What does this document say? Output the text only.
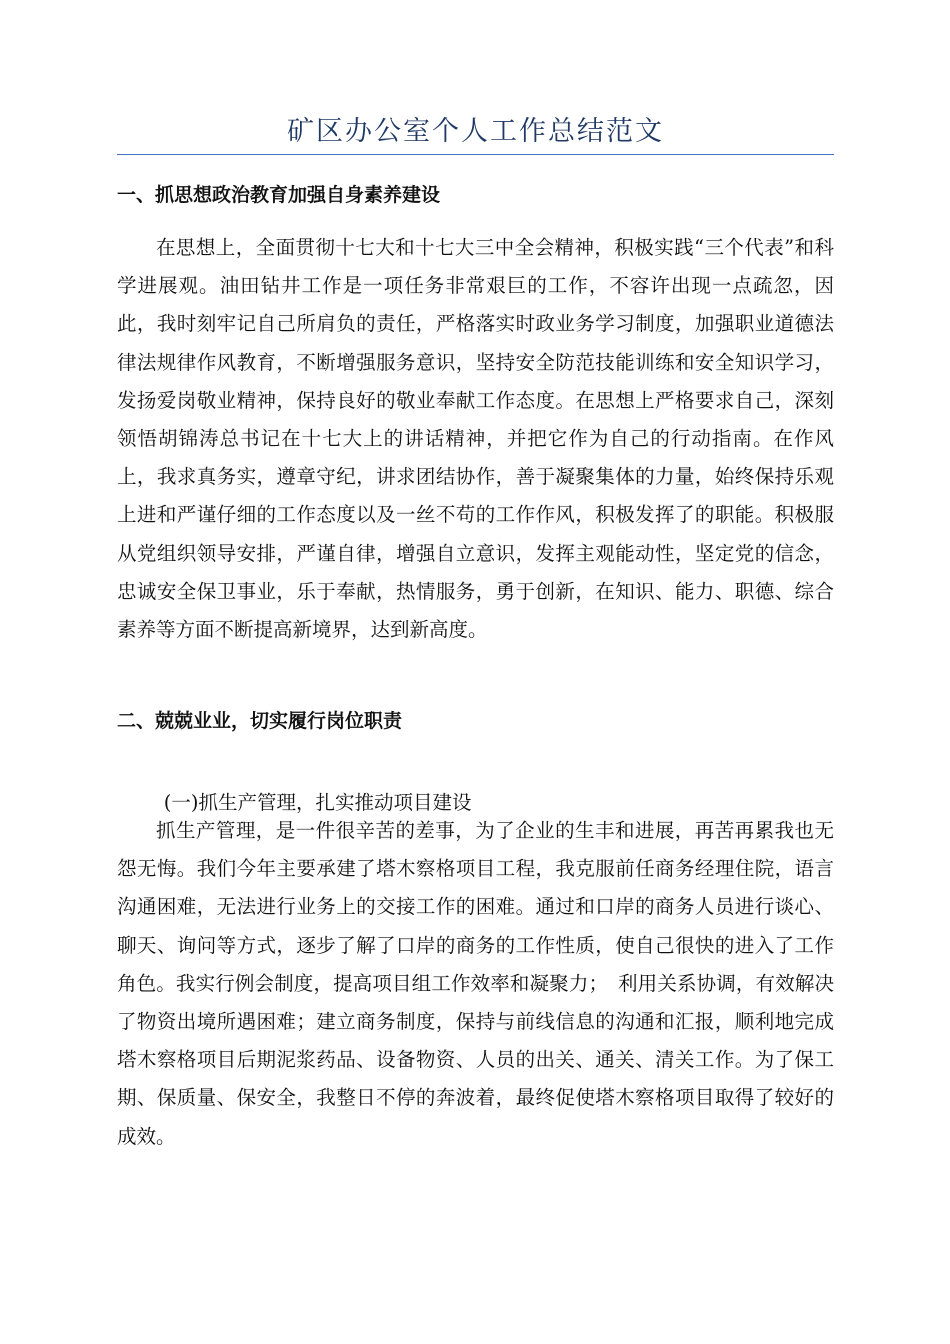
矿区办公室个人工作总结范文
一、抓思想政治教育加强自身素养建设
在思想上，全面贯彻十七大和十七大三中全会精神，积极实践“三个代表”和科学进展观。油田钻井工作是一项任务非常艰巨的工作，不容许出现一点疏忽，因此，我时刻牢记自己所肩负的责任，严格落实时政业务学习制度，加强职业道德法律法规律作风教育，不断增强服务意识，坚持安全防范技能训练和安全知识学习，发扬爱岗敬业精神，保持良好的敬业奉献工作态度。在思想上严格要求自己，深刻领悟胡锦涛总书记在十七大上的讲话精神，并把它作为自己的行动指南。在作风上，我求真务实，遵章守纪，讲求团结协作，善于凝聚集体的力量，始终保持乐观上进和严谨仔细的工作态度以及一丝不苟的工作作风，积极发挥了的职能。积极服从党组织领导安排，严谨自律，增强自立意识，发挥主观能动性，坚定党的信念，忠诚安全保卫事业，乐于奉献，热情服务，勇于创新，在知识、能力、职德、综合素养等方面不断提高新境界，达到新高度。
二、兢兢业业，切实履行岗位职责
(一)抓生产管理，扎实推动项目建设
抓生产管理，是一件很辛苦的差事，为了企业的生丰和进展，再苦再累我也无怨无悔。我们今年主要承建了塔木察格项目工程，我克服前任商务经理住院，语言沟通困难，无法进行业务上的交接工作的困难。通过和口岸的商务人员进行谈心、聊天、询问等方式，逐步了解了口岸的商务的工作性质，使自己很快的进入了工作角色。我实行例会制度，提高项目组工作效率和凝聚力；　利用关系协调，有效解决了物资出境所遇困难；建立商务制度，保持与前线信息的沟通和汇报，顺利地完成塔木察格项目后期泥浆药品、设备物资、人员的出关、通关、清关工作。为了保工期、保质量、保安全，我整日不停的奔波着，最终促使塔木察格项目取得了较好的成效。
